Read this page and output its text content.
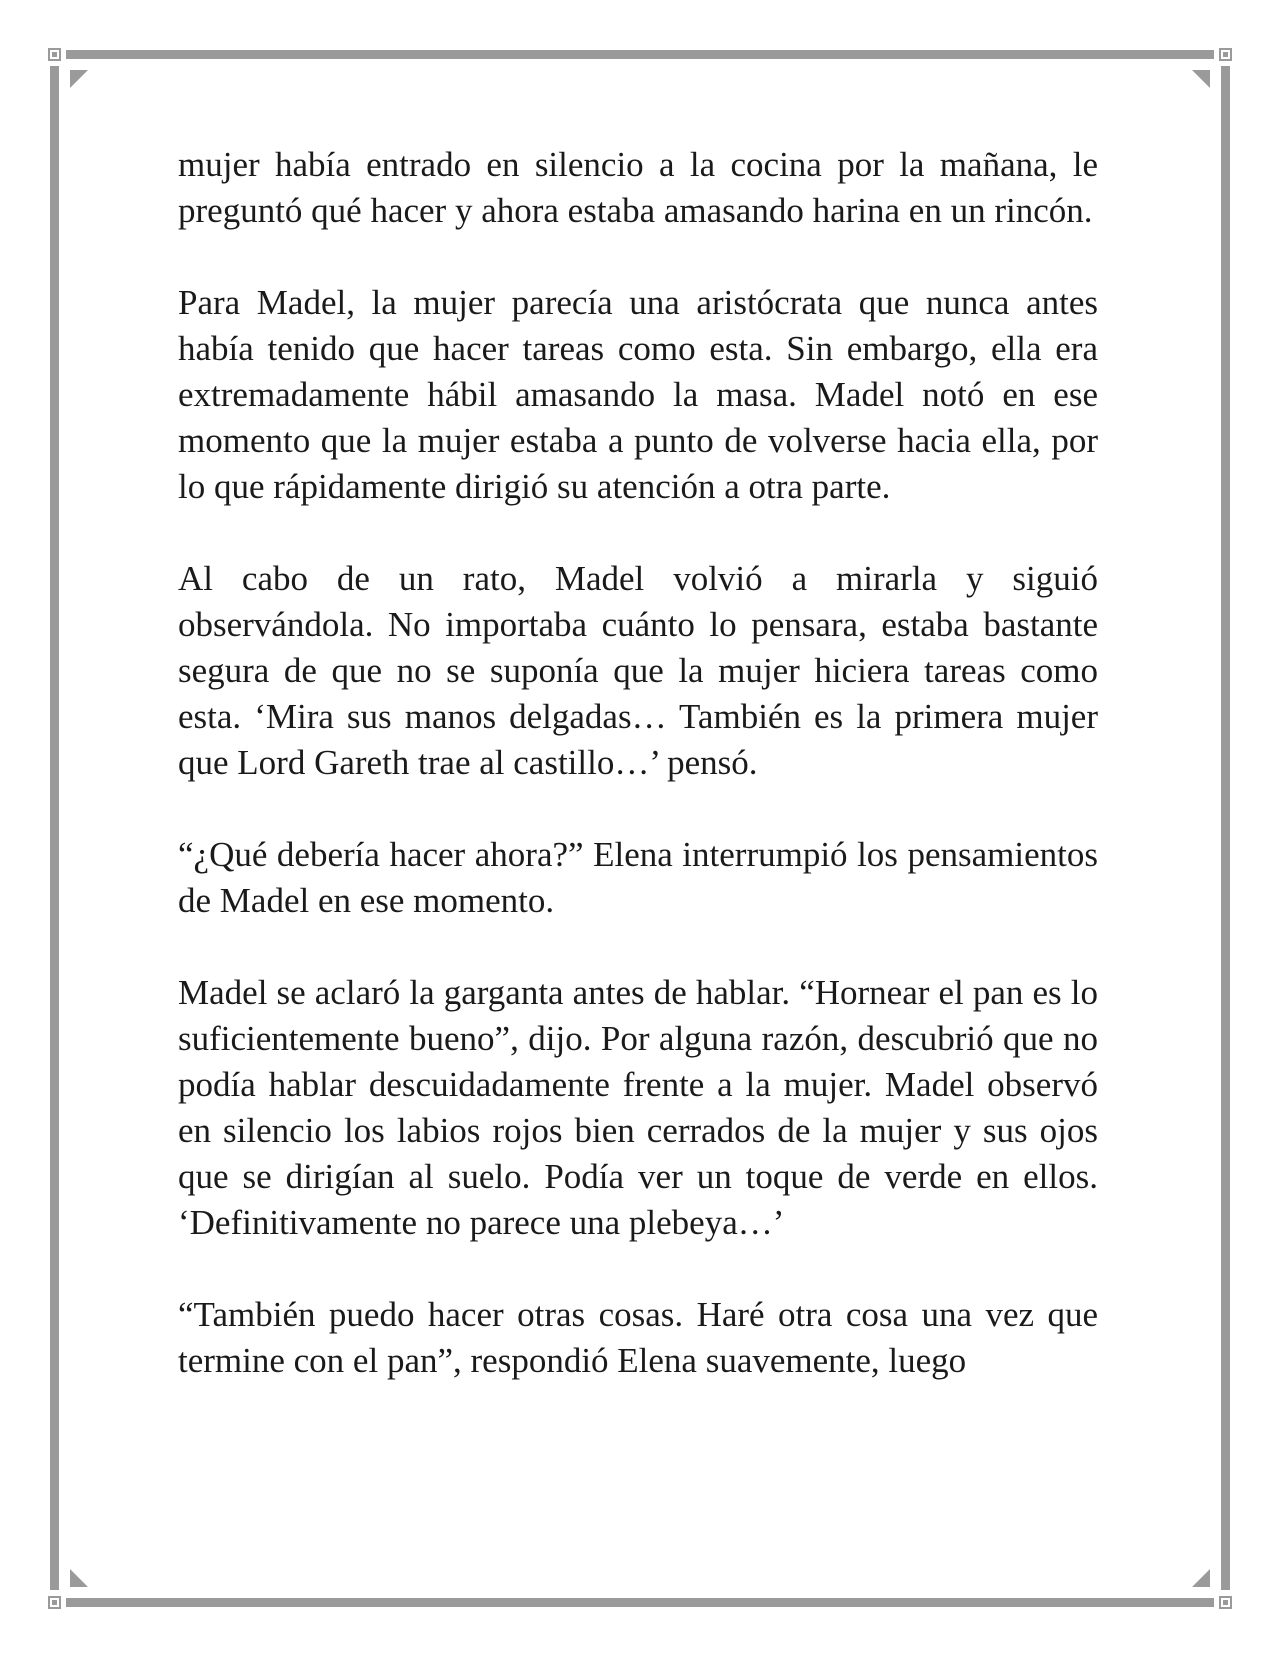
mujer había entrado en silencio a la cocina por la mañana, le preguntó qué hacer y ahora estaba amasando harina en un rincón.

Para Madel, la mujer parecía una aristócrata que nunca antes había tenido que hacer tareas como esta. Sin embargo, ella era extremadamente hábil amasando la masa. Madel notó en ese momento que la mujer estaba a punto de volverse hacia ella, por lo que rápidamente dirigió su atención a otra parte.

Al cabo de un rato, Madel volvió a mirarla y siguió observándola. No importaba cuánto lo pensara, estaba bastante segura de que no se suponía que la mujer hiciera tareas como esta. ‘Mira sus manos delgadas… También es la primera mujer que Lord Gareth trae al castillo…’ pensó.

“¿Qué debería hacer ahora?” Elena interrumpió los pensamientos de Madel en ese momento.

Madel se aclaró la garganta antes de hablar. “Hornear el pan es lo suficientemente bueno”, dijo. Por alguna razón, descubrió que no podía hablar descuidadamente frente a la mujer. Madel observó en silencio los labios rojos bien cerrados de la mujer y sus ojos que se dirigían al suelo. Podía ver un toque de verde en ellos. ‘Definitivamente no parece una plebeya…’

“También puedo hacer otras cosas. Haré otra cosa una vez que termine con el pan”, respondió Elena suavemente, luego
